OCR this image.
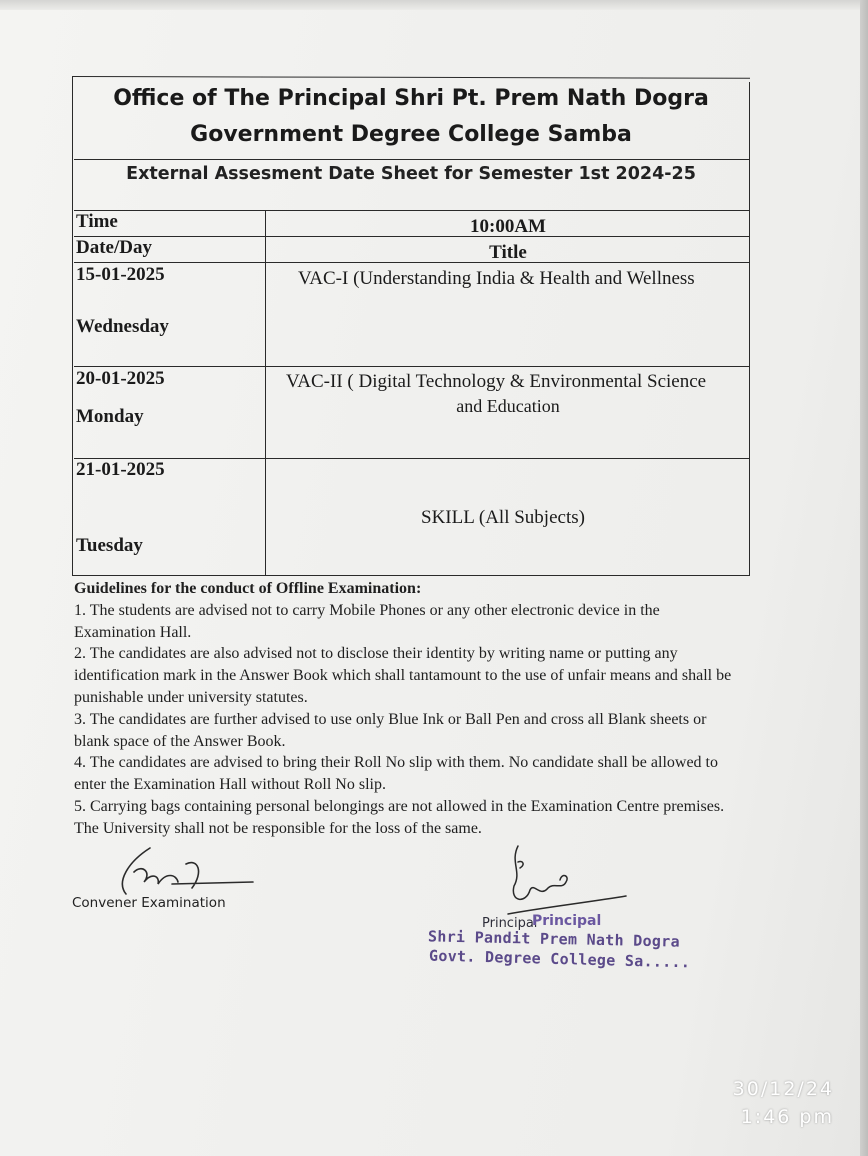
Office of The Principal Shri Pt. Prem Nath Dogra
Government Degree College Samba
External Assesment Date Sheet for Semester 1st 2024-25
Time
Date/Day
10:00AM
Title
15-01-2025
Wednesday
VAC-I (Understanding India & Health and Wellness
20-01-2025
Monday
VAC-II ( Digital Technology & Environmental Science
and Education
21-01-2025
Tuesday
SKILL (All Subjects)
Guidelines for the conduct of Offline Examination:
1. The students are advised not to carry Mobile Phones or any other electronic device in the Examination Hall.
2. The candidates are also advised not to disclose their identity by writing name or putting any identification mark in the Answer Book which shall tantamount to the use of unfair means and shall be punishable under university statutes.
3. The candidates are further advised to use only Blue Ink or Ball Pen and cross all Blank sheets or blank space of the Answer Book.
4. The candidates are advised to bring their Roll No slip with them. No candidate shall be allowed to enter the Examination Hall without Roll No slip.
5. Carrying bags containing personal belongings are not allowed in the Examination Centre premises. The University shall not be responsible for the loss of the same.
Convener Examination
Principal
Principal
Shri Pandit Prem Nath Dogra
Govt. Degree College Sa.....
30/12/24
1:46 pm
